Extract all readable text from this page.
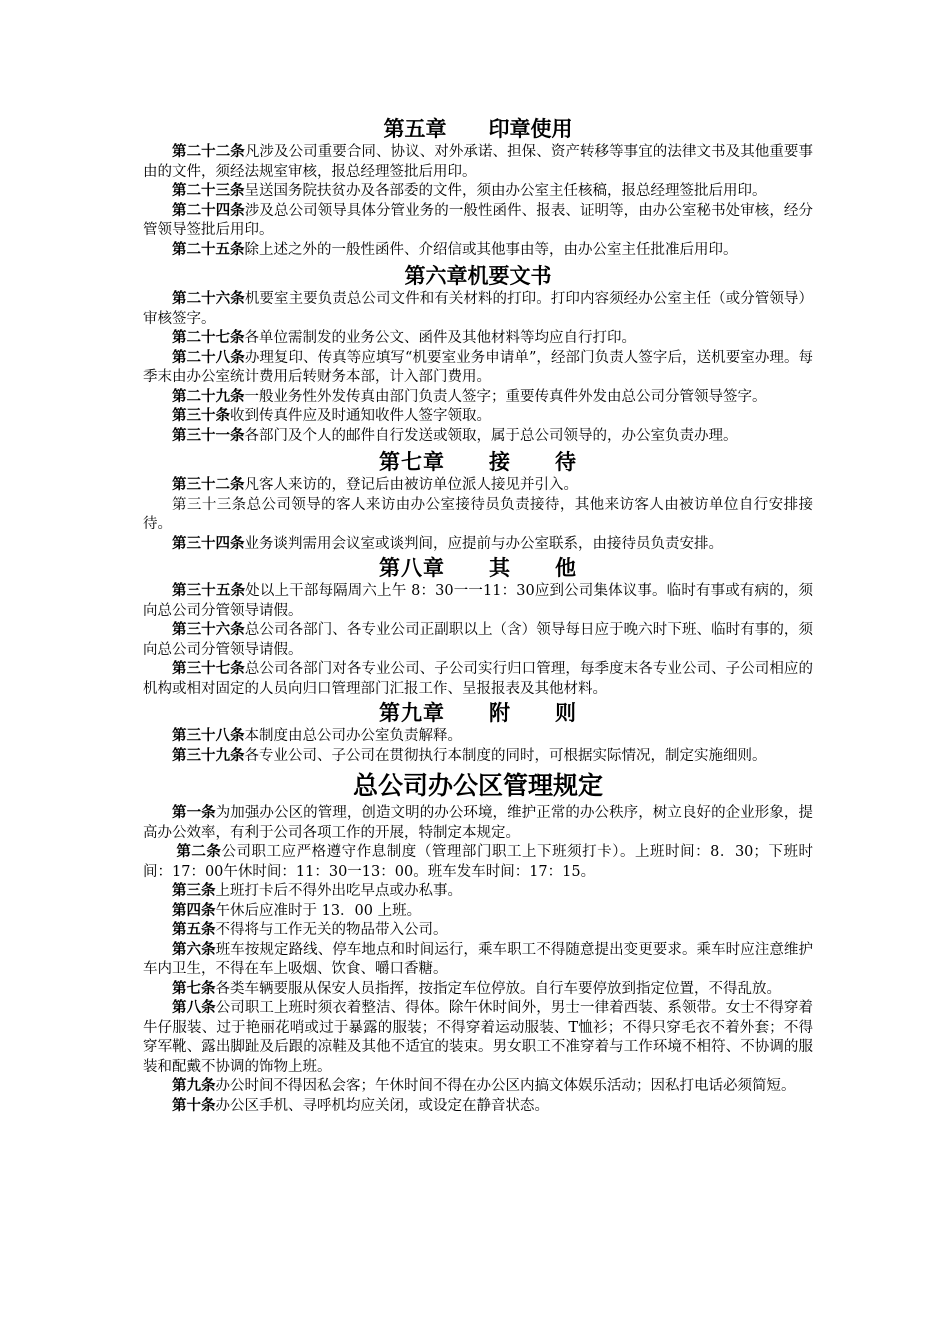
第五章　　印章使用

第二十二条凡涉及公司重要合同、协议、对外承诺、担保、资产转移等事宜的法律文书及其他重要事由的文件，须经法规室审核，报总经理签批后用印。

第二十三条呈送国务院扶贫办及各部委的文件，须由办公室主任核稿，报总经理签批后用印。

第二十四条涉及总公司领导具体分管业务的一般性函件、报表、证明等，由办公室秘书处审核，经分管领导签批后用印。

第二十五条除上述之外的一般性函件、介绍信或其他事由等，由办公室主任批准后用印。

第六章机要文书

第二十六条机要室主要负责总公司文件和有关材料的打印。打印内容须经办公室主任（或分管领导）审核签字。

第二十七条各单位需制发的业务公文、函件及其他材料等均应自行打印。

第二十八条办理复印、传真等应填写“机要室业务申请单”，经部门负责人签字后，送机要室办理。每季末由办公室统计费用后转财务本部，计入部门费用。

第二十九条一般业务性外发传真由部门负责人签字；重要传真件外发由总公司分管领导签字。

第三十条收到传真件应及时通知收件人签字领取。

第三十一条各部门及个人的邮件自行发送或领取，属于总公司领导的，办公室负责办理。

第七章　　接　　待

第三十二条凡客人来访的，登记后由被访单位派人接见并引入。

第三十三条总公司领导的客人来访由办公室接待员负责接待，其他来访客人由被访单位自行安排接待。

第三十四条业务谈判需用会议室或谈判间，应提前与办公室联系，由接待员负责安排。

第八章　　其　　他

第三十五条处以上干部每隔周六上午 8：30一一11：30应到公司集体议事。临时有事或有病的，须向总公司分管领导请假。

第三十六条总公司各部门、各专业公司正副职以上（含）领导每日应于晚六时下班、临时有事的，须向总公司分管领导请假。

第三十七条总公司各部门对各专业公司、子公司实行归口管理，每季度末各专业公司、子公司相应的机构或相对固定的人员向归口管理部门汇报工作、呈报报表及其他材料。

第九章　　附　　则

第三十八条本制度由总公司办公室负责解释。

第三十九条各专业公司、子公司在贯彻执行本制度的同时，可根据实际情况，制定实施细则。

总公司办公区管理规定

第一条为加强办公区的管理，创造文明的办公环境，维护正常的办公秩序，树立良好的企业形象，提高办公效率，有利于公司各项工作的开展，特制定本规定。

第二条公司职工应严格遵守作息制度（管理部门职工上下班须打卡）。上班时间：8．30；下班时间：17：00午休时间：11：30一13：00。班车发车时间：17：15。

第三条上班打卡后不得外出吃早点或办私事。

第四条午休后应准时于 13．00 上班。

第五条不得将与工作无关的物品带入公司。

第六条班车按规定路线、停车地点和时间运行，乘车职工不得随意提出变更要求。乘车时应注意维护车内卫生，不得在车上吸烟、饮食、嚼口香糖。

第七条各类车辆要服从保安人员指挥，按指定车位停放。自行车要停放到指定位置，不得乱放。

第八条公司职工上班时须衣着整洁、得体。除午休时间外，男士一律着西装、系领带。女士不得穿着牛仔服装、过于艳丽花哨或过于暴露的服装；不得穿着运动服装、T恤衫；不得只穿毛衣不着外套；不得穿军靴、露出脚趾及后跟的凉鞋及其他不适宜的装束。男女职工不准穿着与工作环境不相符、不协调的服装和配戴不协调的饰物上班。

第九条办公时间不得因私会客；午休时间不得在办公区内搞文体娱乐活动；因私打电话必须简短。

第十条办公区手机、寻呼机均应关闭，或设定在静音状态。
